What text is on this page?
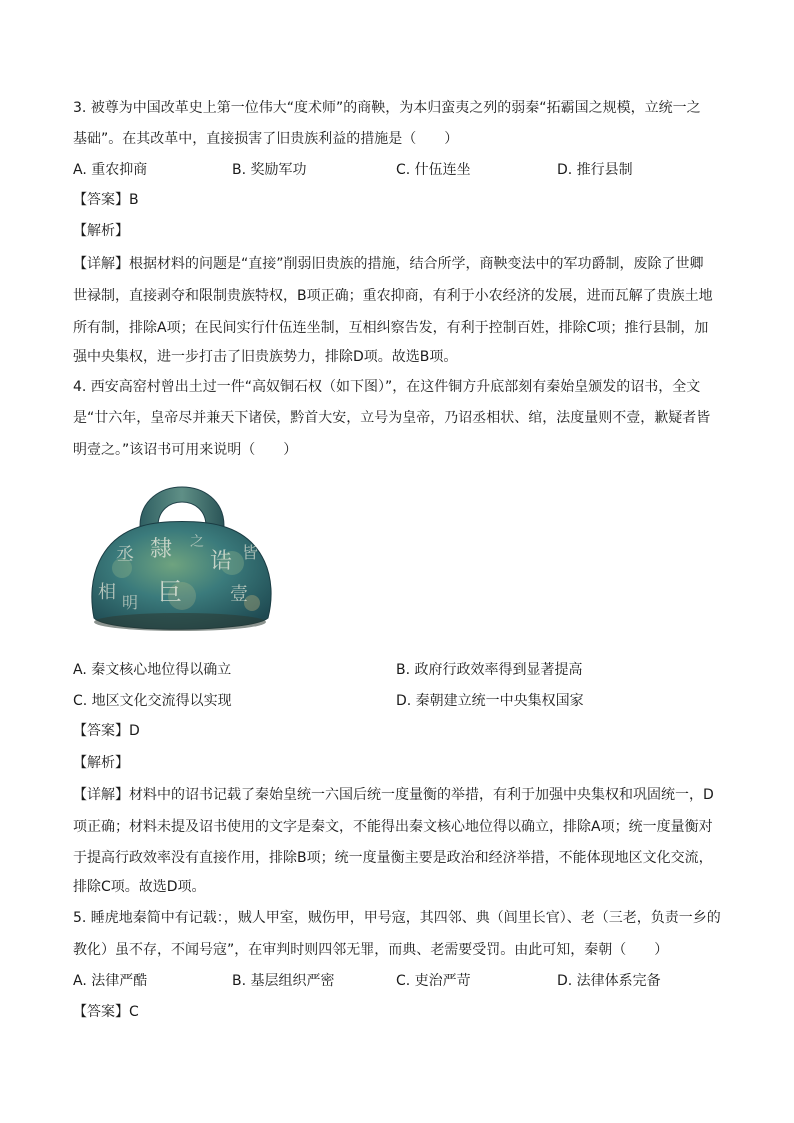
3. 被尊为中国改革史上第一位伟大“度术师”的商鞅，为本归蛮夷之列的弱秦“拓霸国之规模，立统一之
基础”。在其改革中，直接损害了旧贵族利益的措施是（　　）
A. 重农抑商	B. 奖励军功	C. 什伍连坐	D. 推行县制
【答案】B
【解析】
【详解】根据材料的问题是“直接”削弱旧贵族的措施，结合所学，商鞅变法中的军功爵制，废除了世卿
世禄制，直接剥夺和限制贵族特权，B项正确；重农抑商，有利于小农经济的发展，进而瓦解了贵族土地
所有制，排除A项；在民间实行什伍连坐制，互相纠察告发，有利于控制百姓，排除C项；推行县制，加
强中央集权，进一步打击了旧贵族势力，排除D项。故选B项。
4. 西安高窑村曾出土过一件“高奴铜石权（如下图）”，在这件铜方升底部刻有秦始皇颁发的诏书，全文
是“廿六年，皇帝尽并兼天下诸侯，黔首大安，立号为皇帝，乃诏丞相状、绾，法度量则不壹，歉疑者皆
明壹之。”该诏书可用来说明（　　）
丞 隸
相 巨
诰 皆
明	壹
之
A. 秦文核心地位得以确立	B. 政府行政效率得到显著提高
C. 地区文化交流得以实现	D. 秦朝建立统一中央集权国家
【答案】D
【解析】
【详解】材料中的诏书记载了秦始皇统一六国后统一度量衡的举措，有利于加强中央集权和巩固统一，D
项正确；材料未提及诏书使用的文字是秦文，不能得出秦文核心地位得以确立，排除A项；统一度量衡对
于提高行政效率没有直接作用，排除B项；统一度量衡主要是政治和经济举措，不能体现地区文化交流，
排除C项。故选D项。
5. 睡虎地秦简中有记载：，贼人甲室，贼伤甲，甲号寇，其四邻、典（闾里长官）、老（三老，负责一乡的
教化）虽不存，不闻号寇”，在审判时则四邻无罪，而典、老需要受罚。由此可知，秦朝（　　）
A. 法律严酷	B. 基层组织严密	C. 吏治严苛	D. 法律体系完备
【答案】C
